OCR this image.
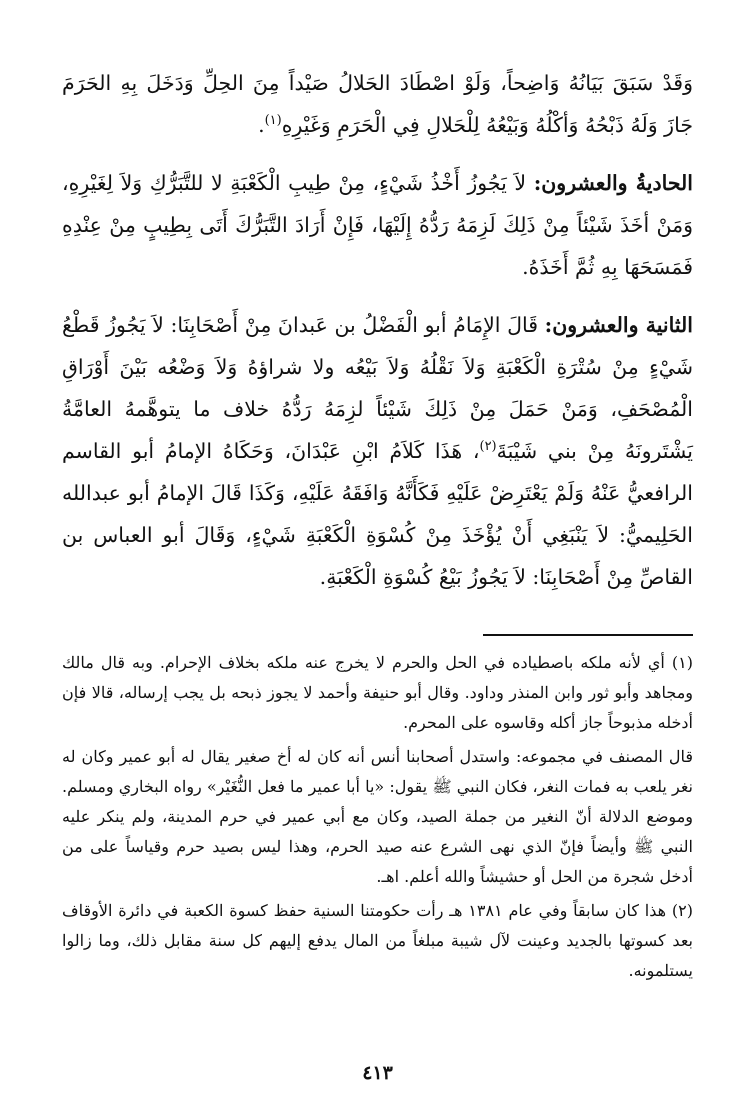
وَقَدْ سَبَقَ بَيَانُهُ وَاضِحاً، وَلَوْ اصْطَادَ الحَلالُ صَيْداً مِنَ الحِلِّ وَدَخَلَ بِهِ الحَرَمَ جَازَ وَلَهُ ذَبْحُهُ وَأكْلُهُ وَبَيْعُهُ لِلْحَلالِ فِي الْحَرَمِ وَغَيْرِهِ$^{(١)}$.

الحاديةُ والعشرون: لاَ يَجُوزُ أَخْذُ شَيْءٍ، مِنْ طِيبِ الْكَعْبَةِ لا للتَّبَرُّكِ وَلاَ لِغَيْرِهِ، وَمَنْ أخَذَ شَيْئاً مِنْ ذَلِكَ لَزِمَهُ رَدُّهُ إِلَيْهَا، فَإِنْ أَرَادَ التَّبَرُّكَ أَتَى بِطِيبٍ مِنْ عِنْدِهِ فَمَسَحَهَا بِهِ ثُمَّ أَخَذَهُ.

الثانية والعشرون: قَالَ الإِمَامُ أبو الْفَضْلُ بن عَبدانَ مِنْ أَصْحَابِنَا: لاَ يَجُوزُ قَطْعُ شَيْءٍ مِنْ سُتْرَةِ الْكَعْبَةِ وَلاَ نَقْلُهُ وَلاَ بَيْعُه ولا شراؤهُ وَلاَ وَضْعُه بَيْنَ أَوْرَاقِ الْمُصْحَفِ، وَمَنْ حَمَلَ مِنْ ذَلِكَ شَيْئاً لزِمَهُ رَدُّهُ خلاف ما يتوهَّمهُ العامَّةُ يَشْتَرونَهُ مِنْ بني شَيْبَةَ$^{(٢)}$، هَذَا كَلاَمُ ابْنِ عَبْدَانَ، وَحَكَاهُ الإمامُ أبو القاسم الرافعيُّ عَنْهُ وَلَمْ يَعْتَرِضْ عَلَيْهِ فَكَأَنَّهُ وَافَقَهُ عَلَيْهِ، وَكَذَا قَالَ الإمامُ أبو عبدالله الحَلِيميُّ: لاَ يَنْبَغِي أَنْ يُؤْخَذَ مِنْ كُسْوَةِ الْكَعْبَةِ شَيْءٍ، وَقَالَ أبو العباس بن القاصِّ مِنْ أَصْحَابِنَا: لاَ يَجُوزُ بَيْعُ كُسْوَةِ الْكَعْبَةِ.

(١) أي لأنه ملكه باصطياده في الحل والحرم لا يخرج عنه ملكه بخلاف الإحرام. وبه قال مالك ومجاهد وأبو ثور وابن المنذر وداود. وقال أبو حنيفة وأحمد لا يجوز ذبحه بل يجب إرساله، قالا فإن أدخله مذبوحاً جاز أكله وقاسوه على المحرم.

قال المصنف في مجموعه: واستدل أصحابنا أنس أنه كان له أخ صغير يقال له أبو عمير وكان له نغر يلعب به فمات النغر، فكان النبي ﷺ يقول: «يا أبا عمير ما فعل النُّغَيْر» رواه البخاري ومسلم. وموضع الدلالة أنّ النغير من جملة الصيد، وكان مع أبي عمير في حرم المدينة، ولم ينكر عليه النبي ﷺ وأيضاً فإنّ الذي نهى الشرع عنه صيد الحرم، وهذا ليس بصيد حرم وقياساً على من أدخل شجرة من الحل أو حشيشاً والله أعلم. اهـ.

(٢) هذا كان سابقاً وفي عام ١٣٨١ هـ رأت حكومتنا السنية حفظ كسوة الكعبة في دائرة الأوقاف بعد كسوتها بالجديد وعينت لآل شيبة مبلغاً من المال يدفع إليهم كل سنة مقابل ذلك، وما زالوا يستلمونه.

٤١٣
